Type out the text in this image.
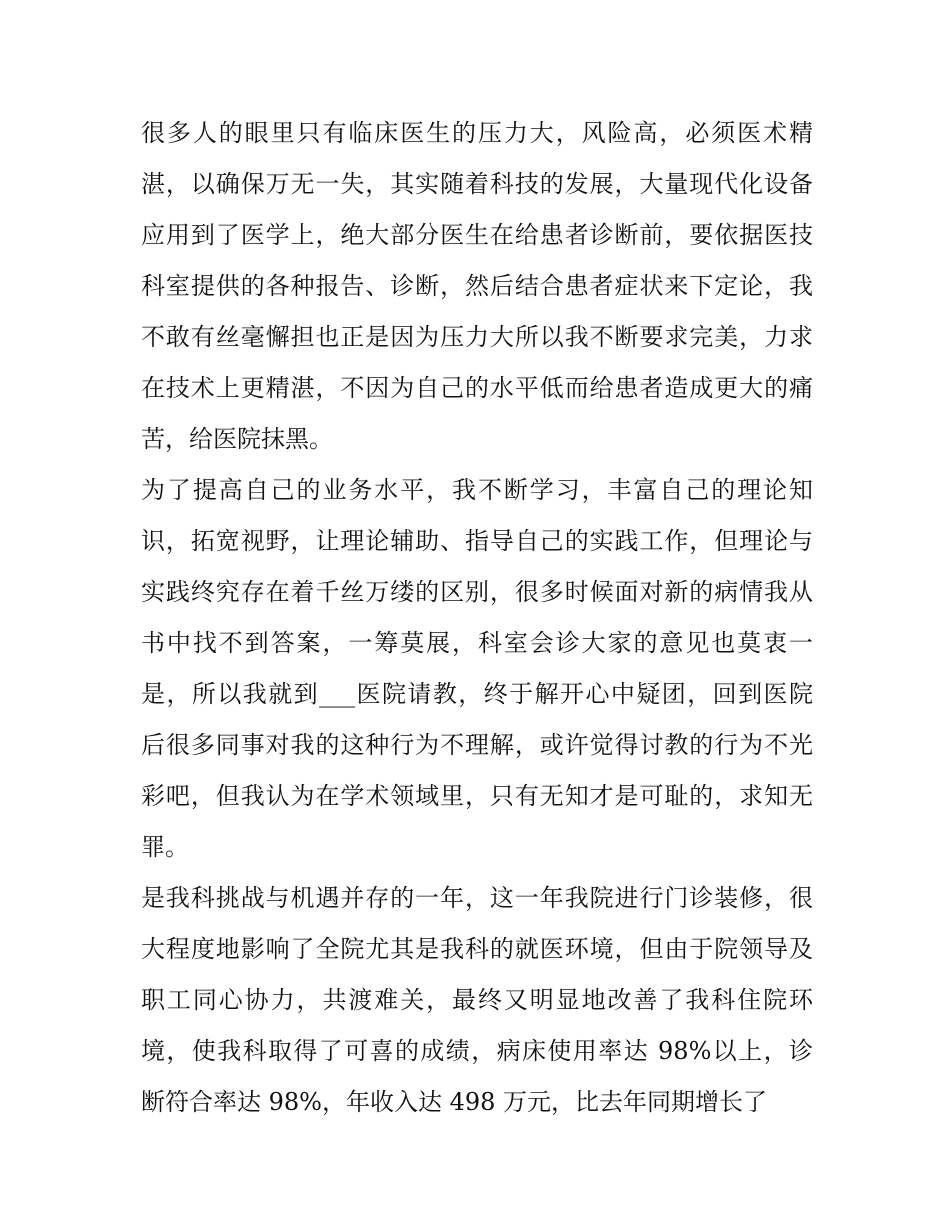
很多人的眼里只有临床医生的压力大，风险高，必须医术精
湛，以确保万无一失，其实随着科技的发展，大量现代化设备
应用到了医学上，绝大部分医生在给患者诊断前，要依据医技
科室提供的各种报告、诊断，然后结合患者症状来下定论，我
不敢有丝毫懈担也正是因为压力大所以我不断要求完美，力求
在技术上更精湛，不因为自己的水平低而给患者造成更大的痛
苦，给医院抹黑。
为了提高自己的业务水平，我不断学习，丰富自己的理论知
识，拓宽视野，让理论辅助、指导自己的实践工作，但理论与
实践终究存在着千丝万缕的区别，很多时候面对新的病情我从
书中找不到答案，一筹莫展，科室会诊大家的意见也莫衷一
是，所以我就到___医院请教，终于解开心中疑团，回到医院
后很多同事对我的这种行为不理解，或许觉得讨教的行为不光
彩吧，但我认为在学术领域里，只有无知才是可耻的，求知无
罪。
是我科挑战与机遇并存的一年，这一年我院进行门诊装修，很
大程度地影响了全院尤其是我科的就医环境，但由于院领导及
职工同心协力，共渡难关，最终又明显地改善了我科住院环
境，使我科取得了可喜的成绩，病床使用率达 98%以上，诊
断符合率达 98%，年收入达 498 万元，比去年同期增长了
